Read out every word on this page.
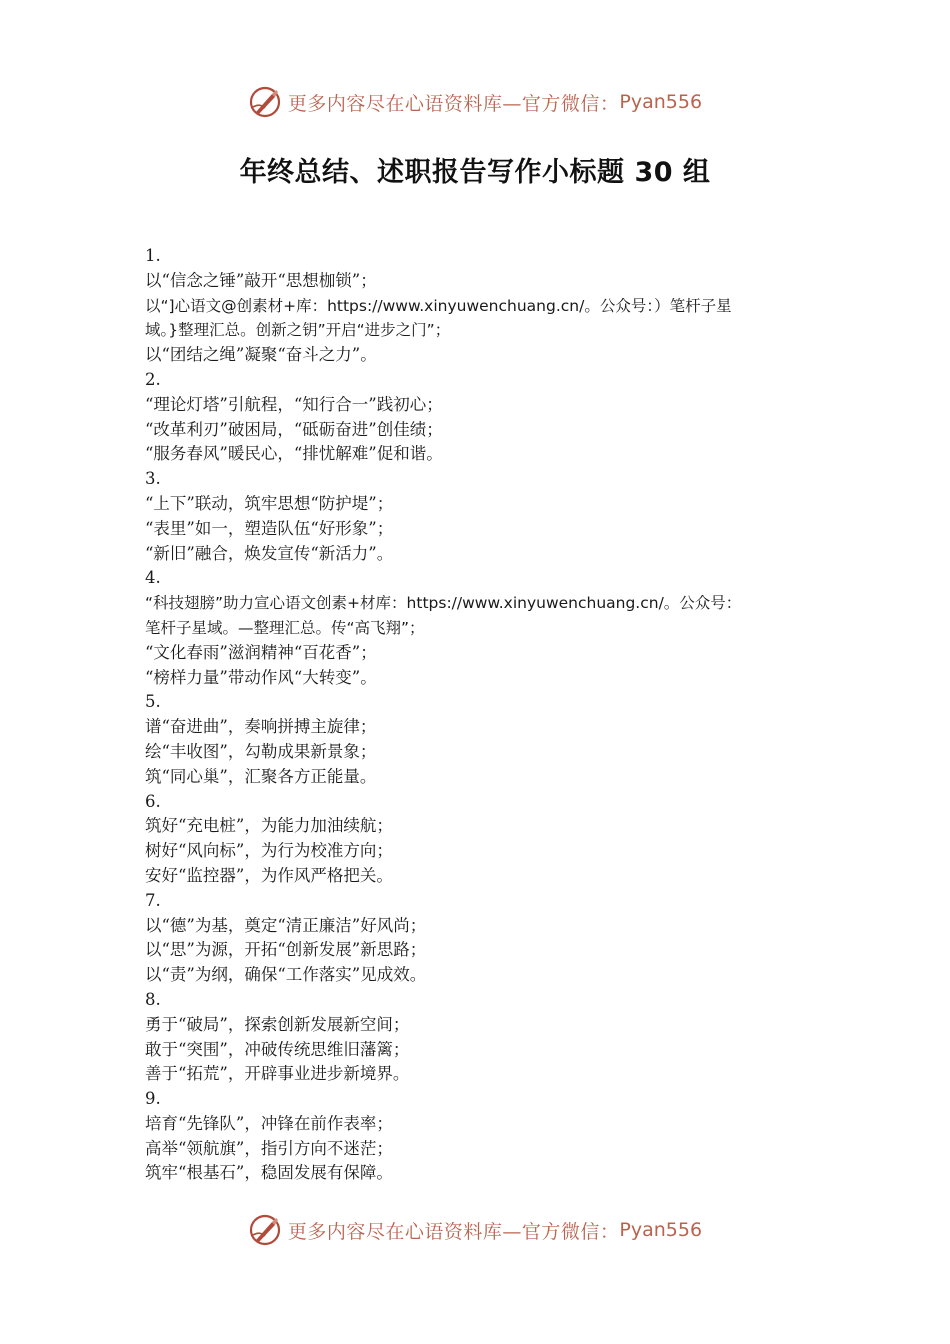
更多内容尽在心语资料库—官方微信： Pyan556
年终总结、述职报告写作小标题 30 组
1.
以“信念之锤”敲开“思想枷锁”；
以“]心语文@创素材+库：https://www.xinyuwenchuang.cn/。公众号：）笔杆子星
域。}整理汇总。创新之钥”开启“进步之门”；
以“团结之绳”凝聚“奋斗之力”。
2.
“理论灯塔”引航程，“知行合一”践初心；
“改革利刃”破困局，“砥砺奋进”创佳绩；
“服务春风”暖民心，“排忧解难”促和谐。
3.
“上下”联动，筑牢思想“防护堤”；
“表里”如一，塑造队伍“好形象”；
“新旧”融合，焕发宣传“新活力”。
4.
“科技翅膀”助力宣心语文创素+材库：https://www.xinyuwenchuang.cn/。公众号：
笔杆子星域。—整理汇总。传“高飞翔”；
“文化春雨”滋润精神“百花香”；
“榜样力量”带动作风“大转变”。
5.
谱“奋进曲”，奏响拼搏主旋律；
绘“丰收图”，勾勒成果新景象；
筑“同心巢”，汇聚各方正能量。
6.
筑好“充电桩”，为能力加油续航；
树好“风向标”，为行为校准方向；
安好“监控器”，为作风严格把关。
7.
以“德”为基，奠定“清正廉洁”好风尚；
以“思”为源，开拓“创新发展”新思路；
以“责”为纲，确保“工作落实”见成效。
8.
勇于“破局”，探索创新发展新空间；
敢于“突围”，冲破传统思维旧藩篱；
善于“拓荒”，开辟事业进步新境界。
9.
培育“先锋队”，冲锋在前作表率；
高举“领航旗”，指引方向不迷茫；
筑牢“根基石”，稳固发展有保障。
更多内容尽在心语资料库—官方微信： Pyan556
